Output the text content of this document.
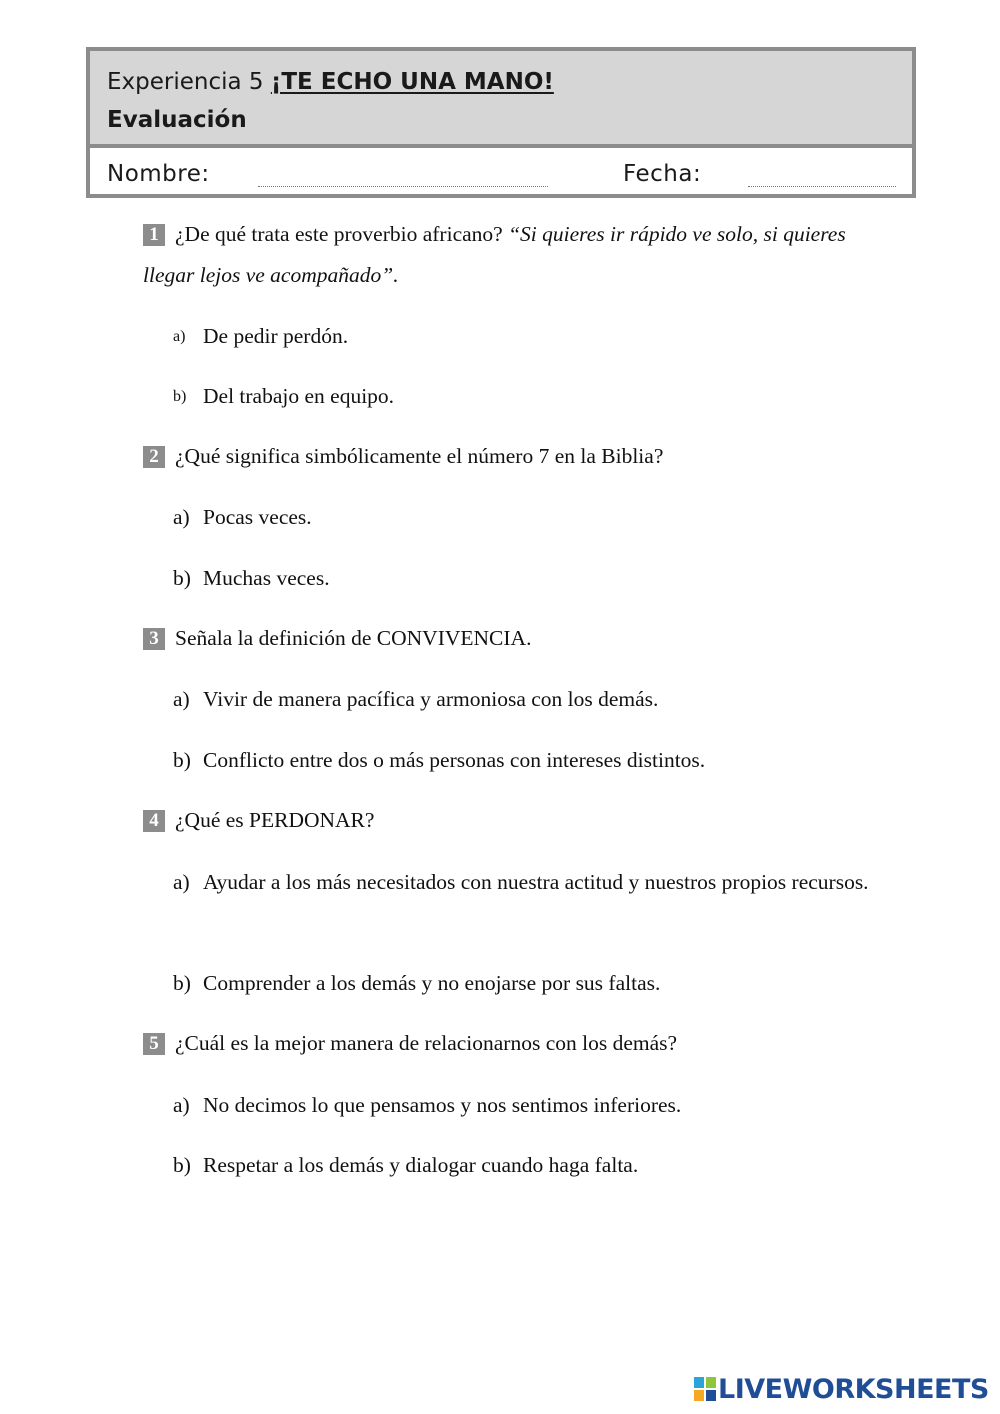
Experiencia 5 ¡TE ECHO UNA MANO!
Evaluación
Nombre:	Fecha:
1 ¿De qué trata este proverbio africano? “Si quieres ir rápido ve solo, si quieres llegar lejos ve acompañado”.
a) De pedir perdón.
b) Del trabajo en equipo.
2 ¿Qué significa simbólicamente el número 7 en la Biblia?
a) Pocas veces.
b) Muchas veces.
3 Señala la definición de CONVIVENCIA.
a) Vivir de manera pacífica y armoniosa con los demás.
b) Conflicto entre dos o más personas con intereses distintos.
4 ¿Qué es PERDONAR?
a) Ayudar a los más necesitados con nuestra actitud y nuestros propios recursos.
b) Comprender a los demás y no enojarse por sus faltas.
5 ¿Cuál es la mejor manera de relacionarnos con los demás?
a) No decimos lo que pensamos y nos sentimos inferiores.
b) Respetar a los demás y dialogar cuando haga falta.
LIVEWORKSHEETS
